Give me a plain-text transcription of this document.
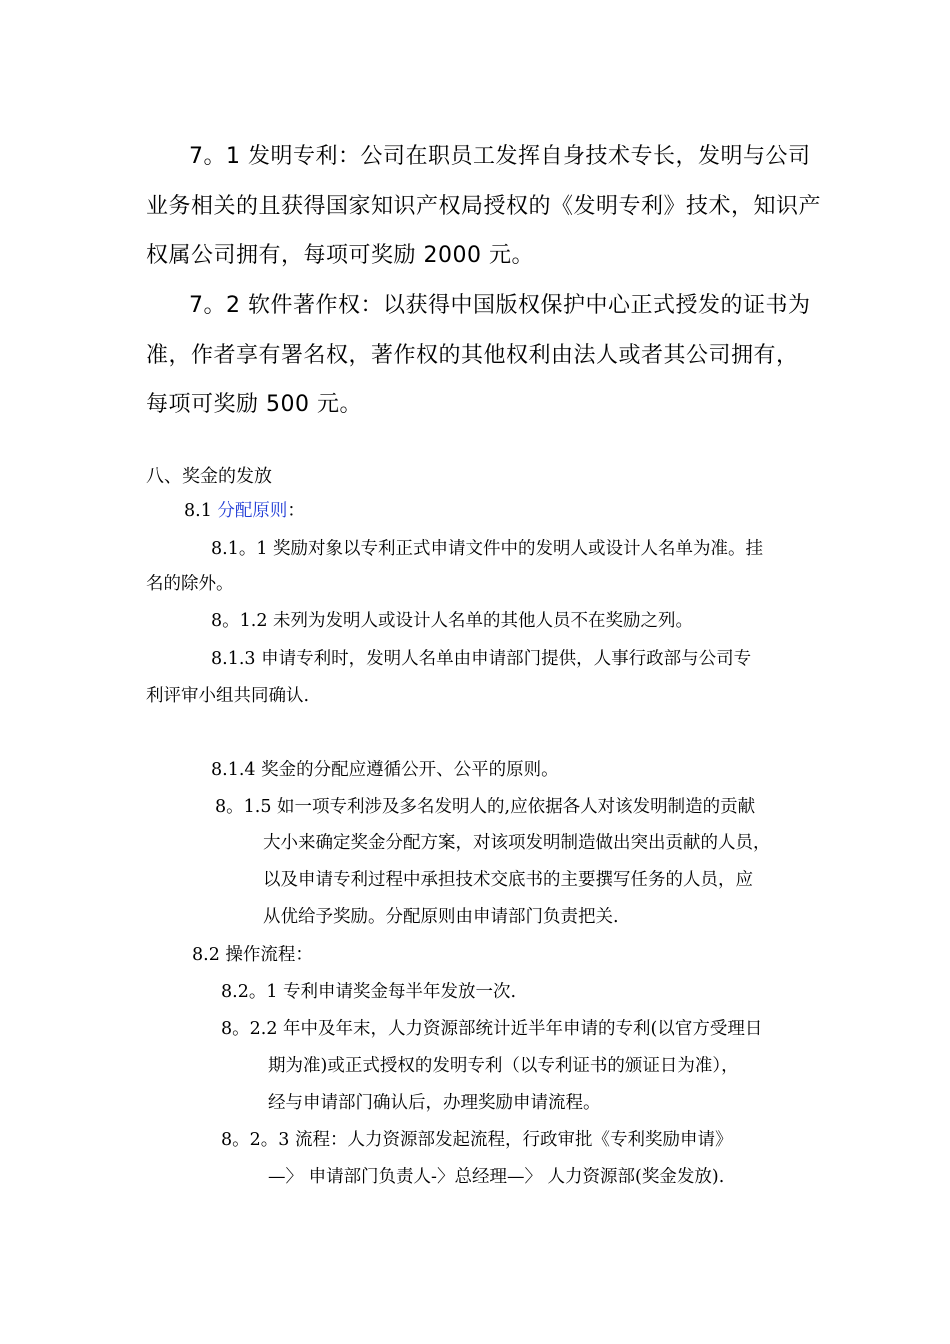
7。1 发明专利：公司在职员工发挥自身技术专长，发明与公司

业务相关的且获得国家知识产权局授权的《发明专利》技术，知识产

权属公司拥有，每项可奖励 2000 元。

7。2 软件著作权：以获得中国版权保护中心正式授发的证书为

准，作者享有署名权，著作权的其他权利由法人或者其公司拥有，

每项可奖励 500 元。

八、奖金的发放

8.1 分配原则：

8.1。1 奖励对象以专利正式申请文件中的发明人或设计人名单为准。挂

名的除外。

8。1.2 未列为发明人或设计人名单的其他人员不在奖励之列。

8.1.3 申请专利时，发明人名单由申请部门提供，人事行政部与公司专

利评审小组共同确认.

8.1.4 奖金的分配应遵循公开、公平的原则。

8。1.5 如一项专利涉及多名发明人的,应依据各人对该发明制造的贡献

大小来确定奖金分配方案，对该项发明制造做出突出贡献的人员，

以及申请专利过程中承担技术交底书的主要撰写任务的人员，应

从优给予奖励。分配原则由申请部门负责把关.

8.2 操作流程：

8.2。1 专利申请奖金每半年发放一次.

8。2.2 年中及年末，人力资源部统计近半年申请的专利(以官方受理日

期为准)或正式授权的发明专利（以专利证书的颁证日为准），

经与申请部门确认后，办理奖励申请流程。

8。2。3 流程：人力资源部发起流程，行政审批《专利奖励申请》

—〉 申请部门负责人-〉总经理—〉 人力资源部(奖金发放).
